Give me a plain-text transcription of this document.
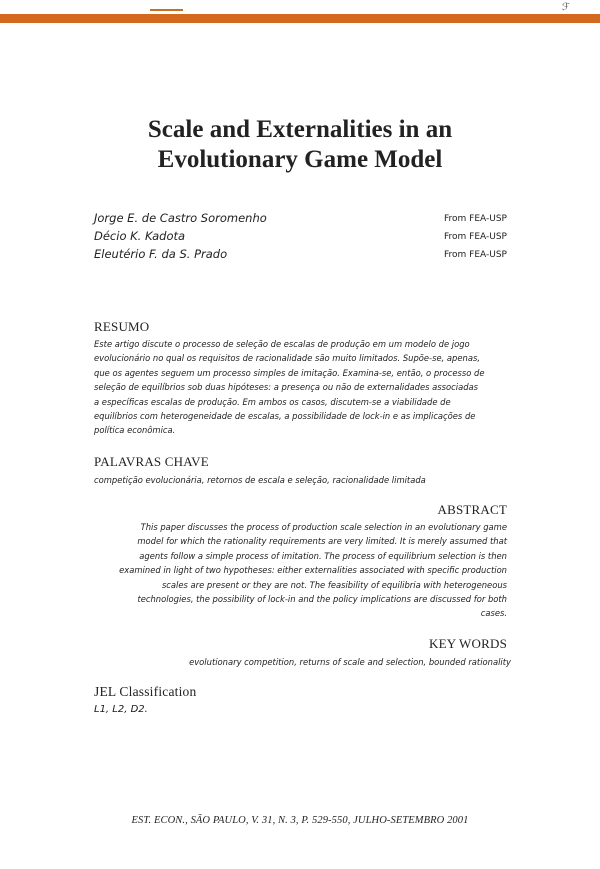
ℱ
Scale and Externalities in an
Evolutionary Game Model
Jorge E. de Castro Soromenho	From FEA-USP
Décio K. Kadota	From FEA-USP
Eleutério F. da S. Prado	From FEA-USP
RESUMO
Este artigo discute o processo de seleção de escalas de produção em um modelo de jogo
evolucionário no qual os requisitos de racionalidade são muito limitados. Supõe-se, apenas,
que os agentes seguem um processo simples de imitação. Examina-se, então, o processo de
seleção de equilíbrios sob duas hipóteses: a presença ou não de externalidades associadas
a específicas escalas de produção. Em ambos os casos, discutem-se a viabilidade de
equilíbrios com heterogeneidade de escalas, a possibilidade de lock-in e as implicações de
política econômica.
PALAVRAS CHAVE
competição evolucionária, retornos de escala e seleção, racionalidade limitada
ABSTRACT
This paper discusses the process of production scale selection in an evolutionary game
model for which the rationality requirements are very limited. It is merely assumed that
agents follow a simple process of imitation. The process of equilibrium selection is then
examined in light of two hypotheses: either externalities associated with specific production
scales are present or they are not. The feasibility of equilibria with heterogeneous
technologies, the possibility of lock-in and the policy implications are discussed for both
cases.
KEY WORDS
evolutionary competition, returns of scale and selection, bounded rationality
JEL Classification
L1, L2, D2.
EST. ECON., SÃO PAULO, V. 31, N. 3, P. 529-550, JULHO-SETEMBRO 2001
